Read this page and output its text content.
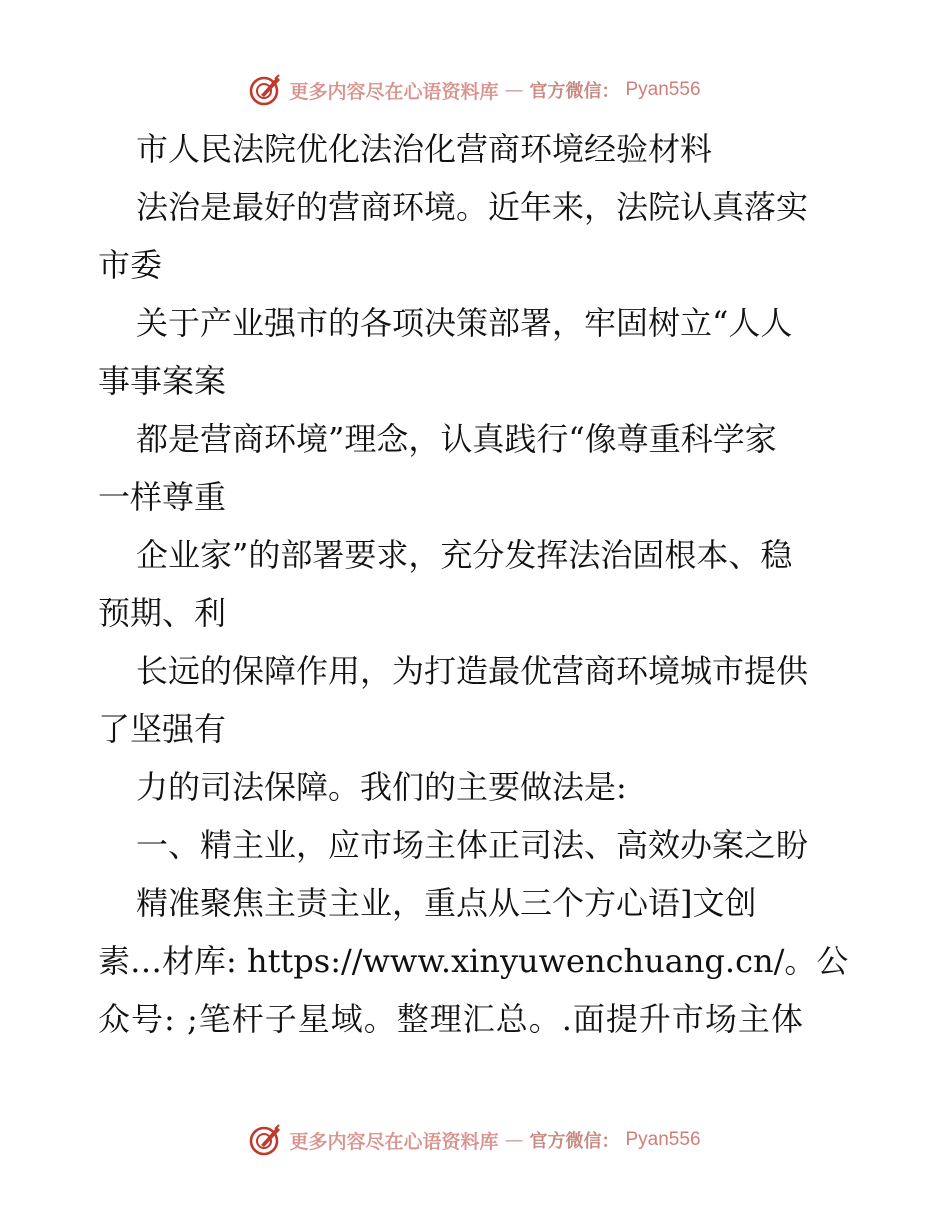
更多内容尽在心语资料库 — 官方微信： Pyan556
市人民法院优化法治化营商环境经验材料
法治是最好的营商环境。近年来，法院认真落实
市委
关于产业强市的各项决策部署，牢固树立“人人
事事案案
都是营商环境”理念，认真践行“像尊重科学家
一样尊重
企业家”的部署要求，充分发挥法治固根本、稳
预期、利
长远的保障作用，为打造最优营商环境城市提供
了坚强有
力的司法保障。我们的主要做法是:
一、精主业，应市场主体正司法、高效办案之盼
精准聚焦主责主业，重点从三个方心语]文创
素…材库: https://www.xinyuwenchuang.cn/。公
众号: ;笔杆子星域。整理汇总。.面提升市场主体
更多内容尽在心语资料库 — 官方微信： Pyan556
